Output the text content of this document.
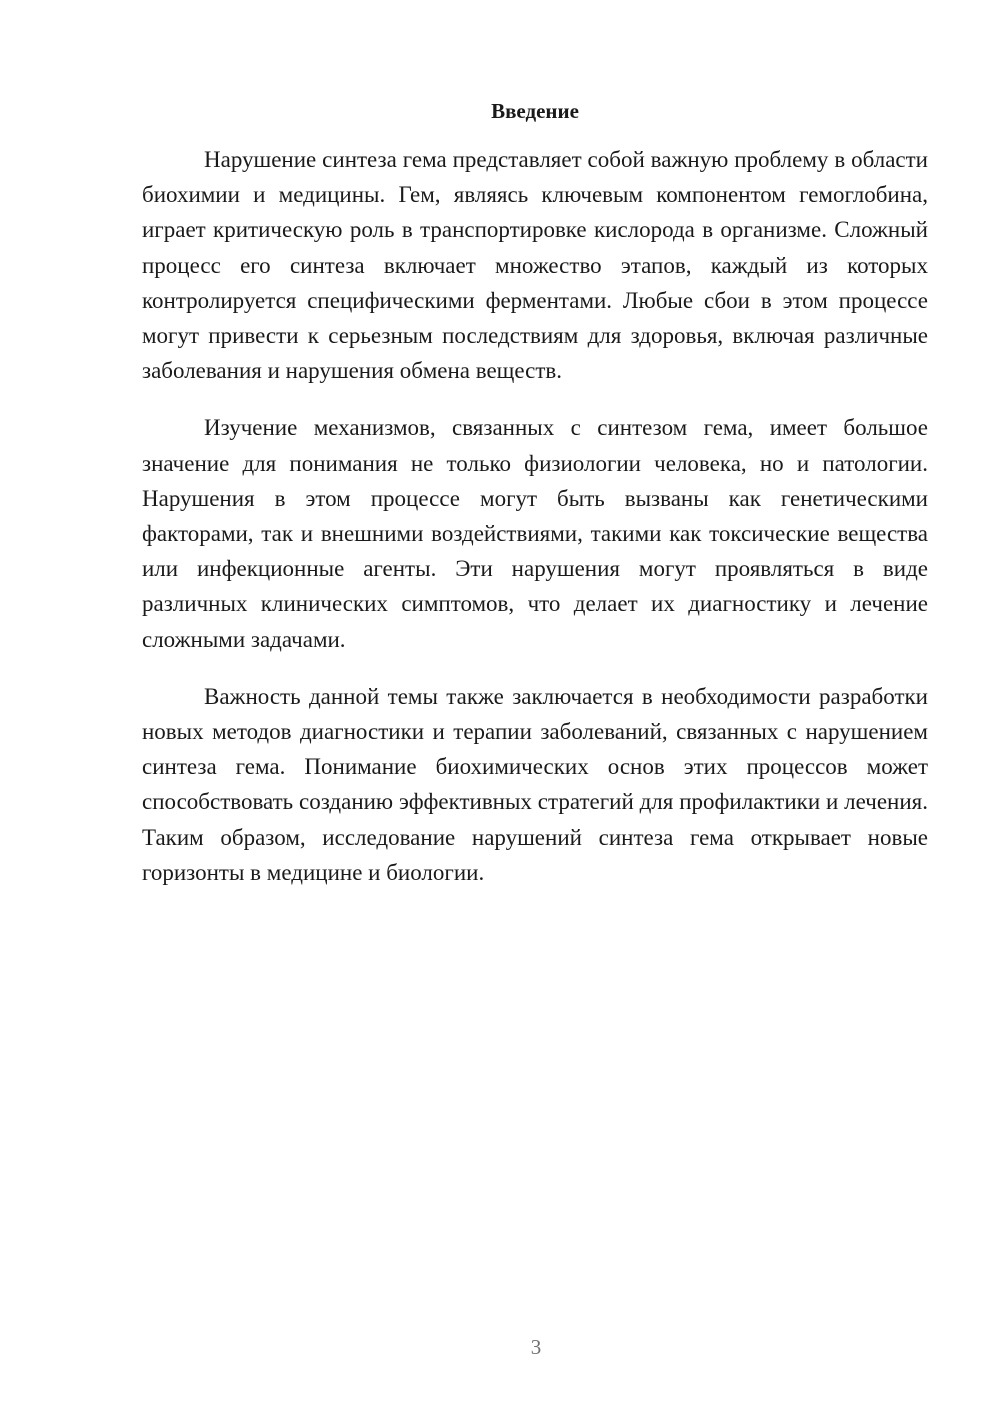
Введение

Нарушение синтеза гема представляет собой важную проблему в области биохимии и медицины. Гем, являясь ключевым компонентом гемоглобина, играет критическую роль в транспортировке кислорода в организме. Сложный процесс его синтеза включает множество этапов, каждый из которых контролируется специфическими ферментами. Любые сбои в этом процессе могут привести к серьезным последствиям для здоровья, включая различные заболевания и нарушения обмена веществ.

Изучение механизмов, связанных с синтезом гема, имеет большое значение для понимания не только физиологии человека, но и патологии. Нарушения в этом процессе могут быть вызваны как генетическими факторами, так и внешними воздействиями, такими как токсические вещества или инфекционные агенты. Эти нарушения могут проявляться в виде различных клинических симптомов, что делает их диагностику и лечение сложными задачами.

Важность данной темы также заключается в необходимости разработки новых методов диагностики и терапии заболеваний, связанных с нарушением синтеза гема. Понимание биохимических основ этих процессов может способствовать созданию эффективных стратегий для профилактики и лечения. Таким образом, исследование нарушений синтеза гема открывает новые горизонты в медицине и биологии.

3
